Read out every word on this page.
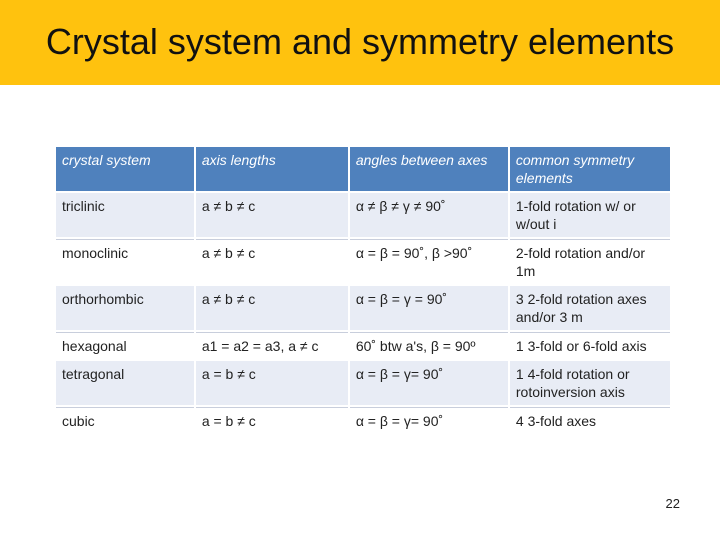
Crystal system and symmetry elements
crystal system	axis lengths	angles between axes	common symmetry elements
triclinic	a ≠ b ≠ c	α ≠ β ≠ γ ≠ 90˚	1-fold rotation w/ or w/out i
monoclinic	a ≠ b ≠ c	α = β = 90˚, β >90˚	2-fold rotation and/or 1m
orthorhombic	a ≠ b ≠ c	α = β = γ = 90˚	3 2-fold rotation axes and/or 3 m
hexagonal	a1 = a2 = a3, a ≠ c	60˚ btw a's, β = 90º	1 3-fold or 6-fold axis
tetragonal	a = b ≠ c	α = β = γ= 90˚	1 4-fold rotation or rotoinversion axis
cubic	a = b ≠ c	α = β = γ= 90˚	4 3-fold axes
22
